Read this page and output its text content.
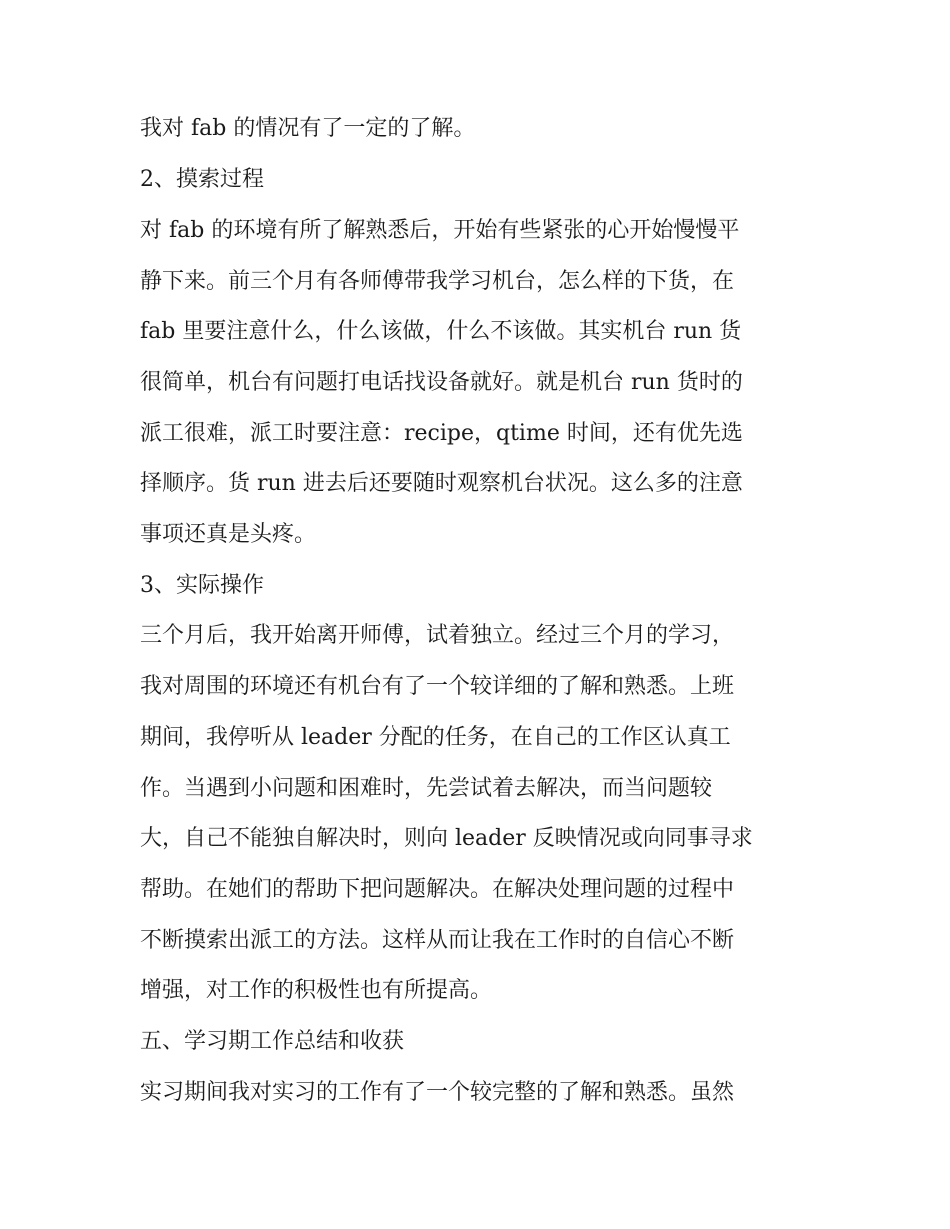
我对 fab 的情况有了一定的了解。
2、摸索过程
对 fab 的环境有所了解熟悉后，开始有些紧张的心开始慢慢平
静下来。前三个月有各师傅带我学习机台，怎么样的下货，在
fab 里要注意什么，什么该做，什么不该做。其实机台 run 货
很简单，机台有问题打电话找设备就好。就是机台 run 货时的
派工很难，派工时要注意：recipe，qtime 时间，还有优先选
择顺序。货 run 进去后还要随时观察机台状况。这么多的注意
事项还真是头疼。
3、实际操作
三个月后，我开始离开师傅，试着独立。经过三个月的学习，
我对周围的环境还有机台有了一个较详细的了解和熟悉。上班
期间，我停听从 leader 分配的任务，在自己的工作区认真工
作。当遇到小问题和困难时，先尝试着去解决，而当问题较
大，自己不能独自解决时，则向 leader 反映情况或向同事寻求
帮助。在她们的帮助下把问题解决。在解决处理问题的过程中
不断摸索出派工的方法。这样从而让我在工作时的自信心不断
增强，对工作的积极性也有所提高。
五、学习期工作总结和收获
实习期间我对实习的工作有了一个较完整的了解和熟悉。虽然
